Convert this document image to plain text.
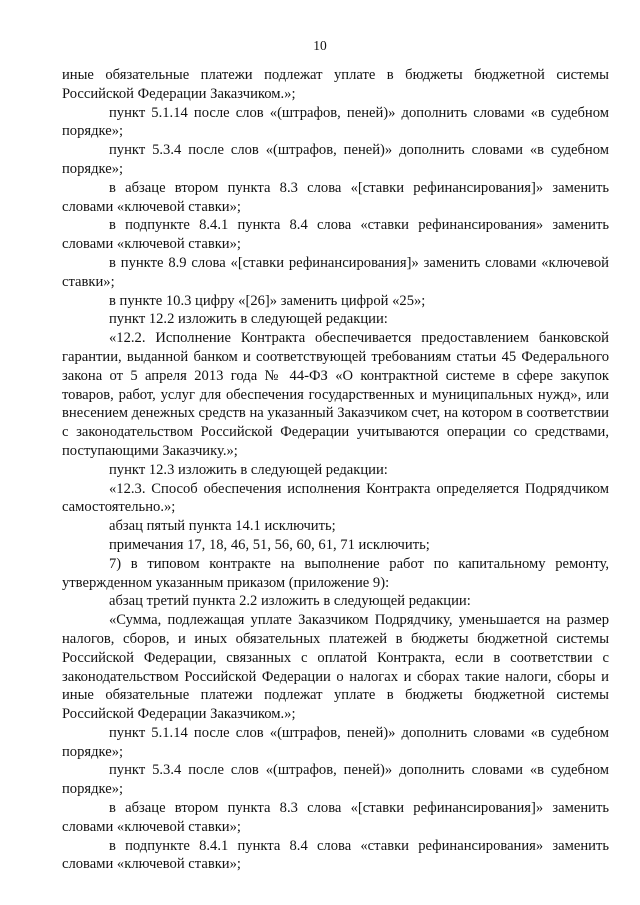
10

иные обязательные платежи подлежат уплате в бюджеты бюджетной системы Российской Федерации Заказчиком.»;

пункт 5.1.14 после слов «(штрафов, пеней)» дополнить словами «в судебном порядке»;

пункт 5.3.4 после слов «(штрафов, пеней)» дополнить словами «в судебном порядке»;

в абзаце втором пункта 8.3 слова «[ставки рефинансирования]» заменить словами «ключевой ставки»;

в подпункте 8.4.1 пункта 8.4 слова «ставки рефинансирования» заменить словами «ключевой ставки»;

в пункте 8.9 слова «[ставки рефинансирования]» заменить словами «ключевой ставки»;

в пункте 10.3 цифру «[26]» заменить цифрой «25»;

пункт 12.2 изложить в следующей редакции:

«12.2. Исполнение Контракта обеспечивается предоставлением банковской гарантии, выданной банком и соответствующей требованиям статьи 45 Федерального закона от 5 апреля 2013 года № 44-ФЗ «О контрактной системе в сфере закупок товаров, работ, услуг для обеспечения государственных и муниципальных нужд», или внесением денежных средств на указанный Заказчиком счет, на котором в соответствии с законодательством Российской Федерации учитываются операции со средствами, поступающими Заказчику.»;

пункт 12.3 изложить в следующей редакции:

«12.3. Способ обеспечения исполнения Контракта определяется Подрядчиком самостоятельно.»;

абзац пятый пункта 14.1 исключить;

примечания 17, 18, 46, 51, 56, 60, 61, 71 исключить;

7) в типовом контракте на выполнение работ по капитальному ремонту, утвержденном указанным приказом (приложение 9):

абзац третий пункта 2.2 изложить в следующей редакции:

«Сумма, подлежащая уплате Заказчиком Подрядчику, уменьшается на размер налогов, сборов, и иных обязательных платежей в бюджеты бюджетной системы Российской Федерации, связанных с оплатой Контракта, если в соответствии с законодательством Российской Федерации о налогах и сборах такие налоги, сборы и иные обязательные платежи подлежат уплате в бюджеты бюджетной системы Российской Федерации Заказчиком.»;

пункт 5.1.14 после слов «(штрафов, пеней)» дополнить словами «в судебном порядке»;

пункт 5.3.4 после слов «(штрафов, пеней)» дополнить словами «в судебном порядке»;

в абзаце втором пункта 8.3 слова «[ставки рефинансирования]» заменить словами «ключевой ставки»;

в подпункте 8.4.1 пункта 8.4 слова «ставки рефинансирования» заменить словами «ключевой ставки»;
